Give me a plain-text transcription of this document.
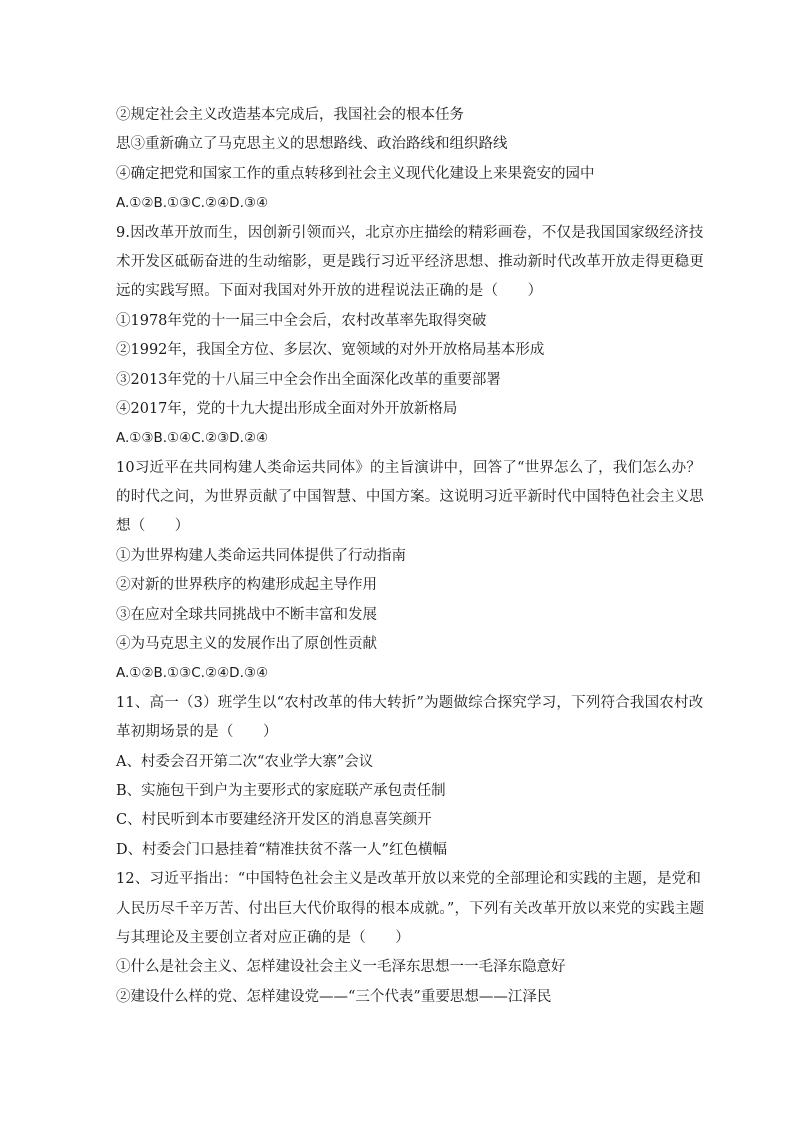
②规定社会主义改造基本完成后，我国社会的根本任务
思③重新确立了马克思主义的思想路线、政治路线和组织路线
④确定把党和国家工作的重点转移到社会主义现代化建设上来果瓷安的园中
A.①②B.①③C.②④D.③④
9.因改革开放而生，因创新引领而兴，北京亦庄描绘的精彩画卷，不仅是我国国家级经济技
术开发区砥砺奋进的生动缩影，更是践行习近平经济思想、推动新时代改革开放走得更稳更
远的实践写照。下面对我国对外开放的进程说法正确的是（　　）
①1978年党的十一届三中全会后，农村改革率先取得突破
②1992年，我国全方位、多层次、宽领域的对外开放格局基本形成
③2013年党的十八届三中全会作出全面深化改革的重要部署
④2017年，党的十九大提出形成全面对外开放新格局
A.①③B.①④C.②③D.②④
10习近平在共同构建人类命运共同体》的主旨演讲中，回答了“世界怎么了，我们怎么办？
的时代之问，为世界贡献了中国智慧、中国方案。这说明习近平新时代中国特色社会主义思
想（　　）
①为世界构建人类命运共同体提供了行动指南
②对新的世界秩序的构建形成起主导作用
③在应对全球共同挑战中不断丰富和发展
④为马克思主义的发展作出了原创性贡献
A.①②B.①③C.②④D.③④
11、高一（3）班学生以“农村改革的伟大转折”为题做综合探究学习，下列符合我国农村改
革初期场景的是（　　）
A、村委会召开第二次“农业学大寨”会议
B、实施包干到户为主要形式的家庭联产承包责任制
C、村民听到本市要建经济开发区的消息喜笑颜开
D、村委会门口悬挂着“精准扶贫不落一人”红色横幅
12、习近平指出：“中国特色社会主义是改革开放以来党的全部理论和实践的主题，是党和
人民历尽千辛万苦、付出巨大代价取得的根本成就。”，下列有关改革开放以来党的实践主题
与其理论及主要创立者对应正确的是（　　）
①什么是社会主义、怎样建设社会主义一毛泽东思想一一毛泽东隐意好
②建设什么样的党、怎样建设党——“三个代表”重要思想——江泽民
